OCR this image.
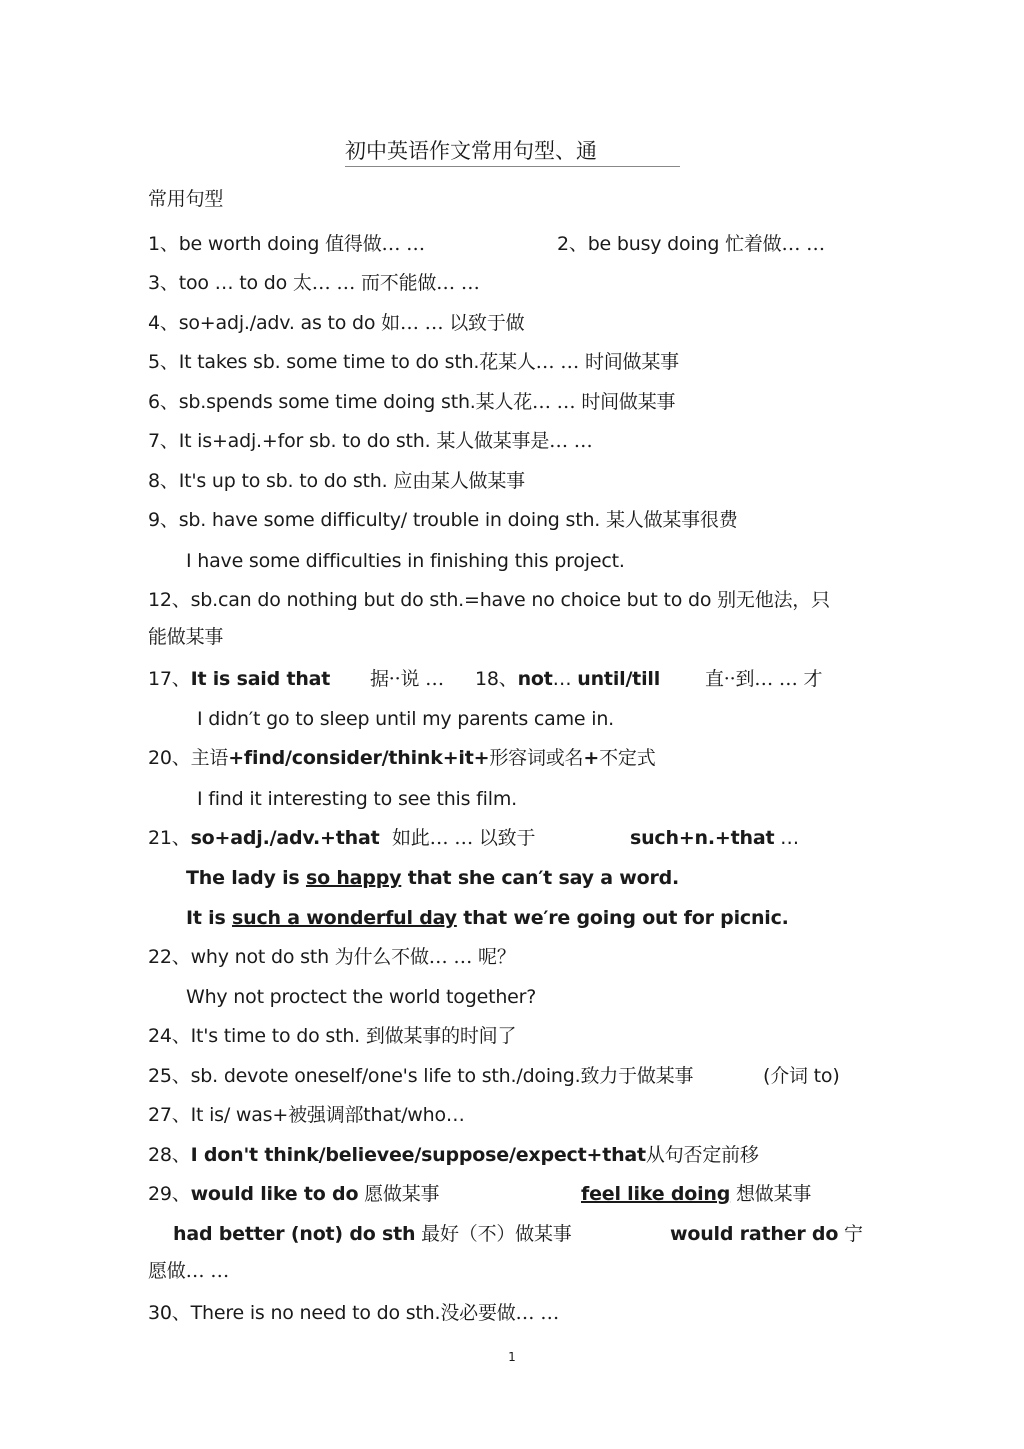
初中英语作文常用句型、通
常用句型
1、be worth doing 值得做… …	2、be busy doing 忙着做… …
3、too … to do 太… … 而不能做… …
4、so+adj./adv. as to do 如… … 以致于做
5、It takes sb. some time to do sth.花某人… … 时间做某事
6、sb.spends some time doing sth.某人花… … 时间做某事
7、It is+adj.+for sb. to do sth. 某人做某事是… …
8、It's up to sb. to do sth. 应由某人做某事
9、sb. have some difficulty/ trouble in doing sth. 某人做某事很费
I have some difficulties in finishing this project.
12、sb.can do nothing but do sth.=have no choice but to do 别无他法，只
能做某事
17、It is said that 据··说 … 18、not… until/till 直··到… … 才
I didn′t go to sleep until my parents came in.
20、主语+find/consider/think+it+形容词或名+不定式
I find it interesting to see this film.
21、so+adj./adv.+that 如此… … 以致于	such+n.+that …
The lady is so happy that she can′t say a word.
It is such a wonderful day that we′re going out for picnic.
22、why not do sth 为什么不做… … 呢？
Why not proctect the world together?
24、It's time to do sth. 到做某事的时间了
25、sb. devote oneself/one's life to sth./doing.致力于做某事	(介词 to)
27、It is/ was+被强调部that/who…
28、I don't think/believee/suppose/expect+that从句否定前移
29、would like to do 愿做某事	feel like doing 想做某事
had better (not) do sth 最好（不）做某事	would rather do 宁
愿做… …
30、There is no need to do sth.没必要做… …
1
